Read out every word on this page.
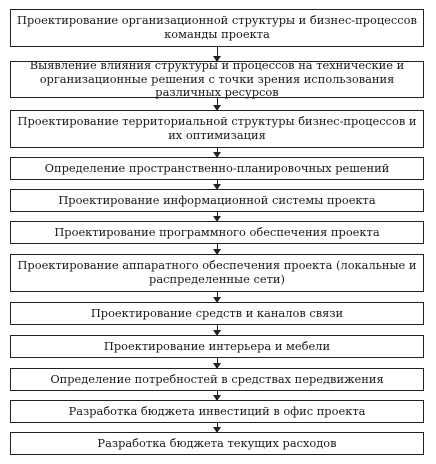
Проектирование организационной структуры и бизнес-процессов команды проекта
Выявление влияния структуры и процессов на технические и организационные решения с точки зрения использования различных ресурсов
Проектирование территориальной структуры бизнес-процессов и их оптимизация
Определение пространственно-планировочных решений
Проектирование информационной системы проекта
Проектирование программного обеспечения проекта
Проектирование аппаратного обеспечения проекта (локальные и распределенные сети)
Проектирование средств и каналов связи
Проектирование интерьера и мебели
Определение потребностей в средствах передвижения
Разработка бюджета инвестиций в офис проекта
Разработка бюджета текущих расходов
